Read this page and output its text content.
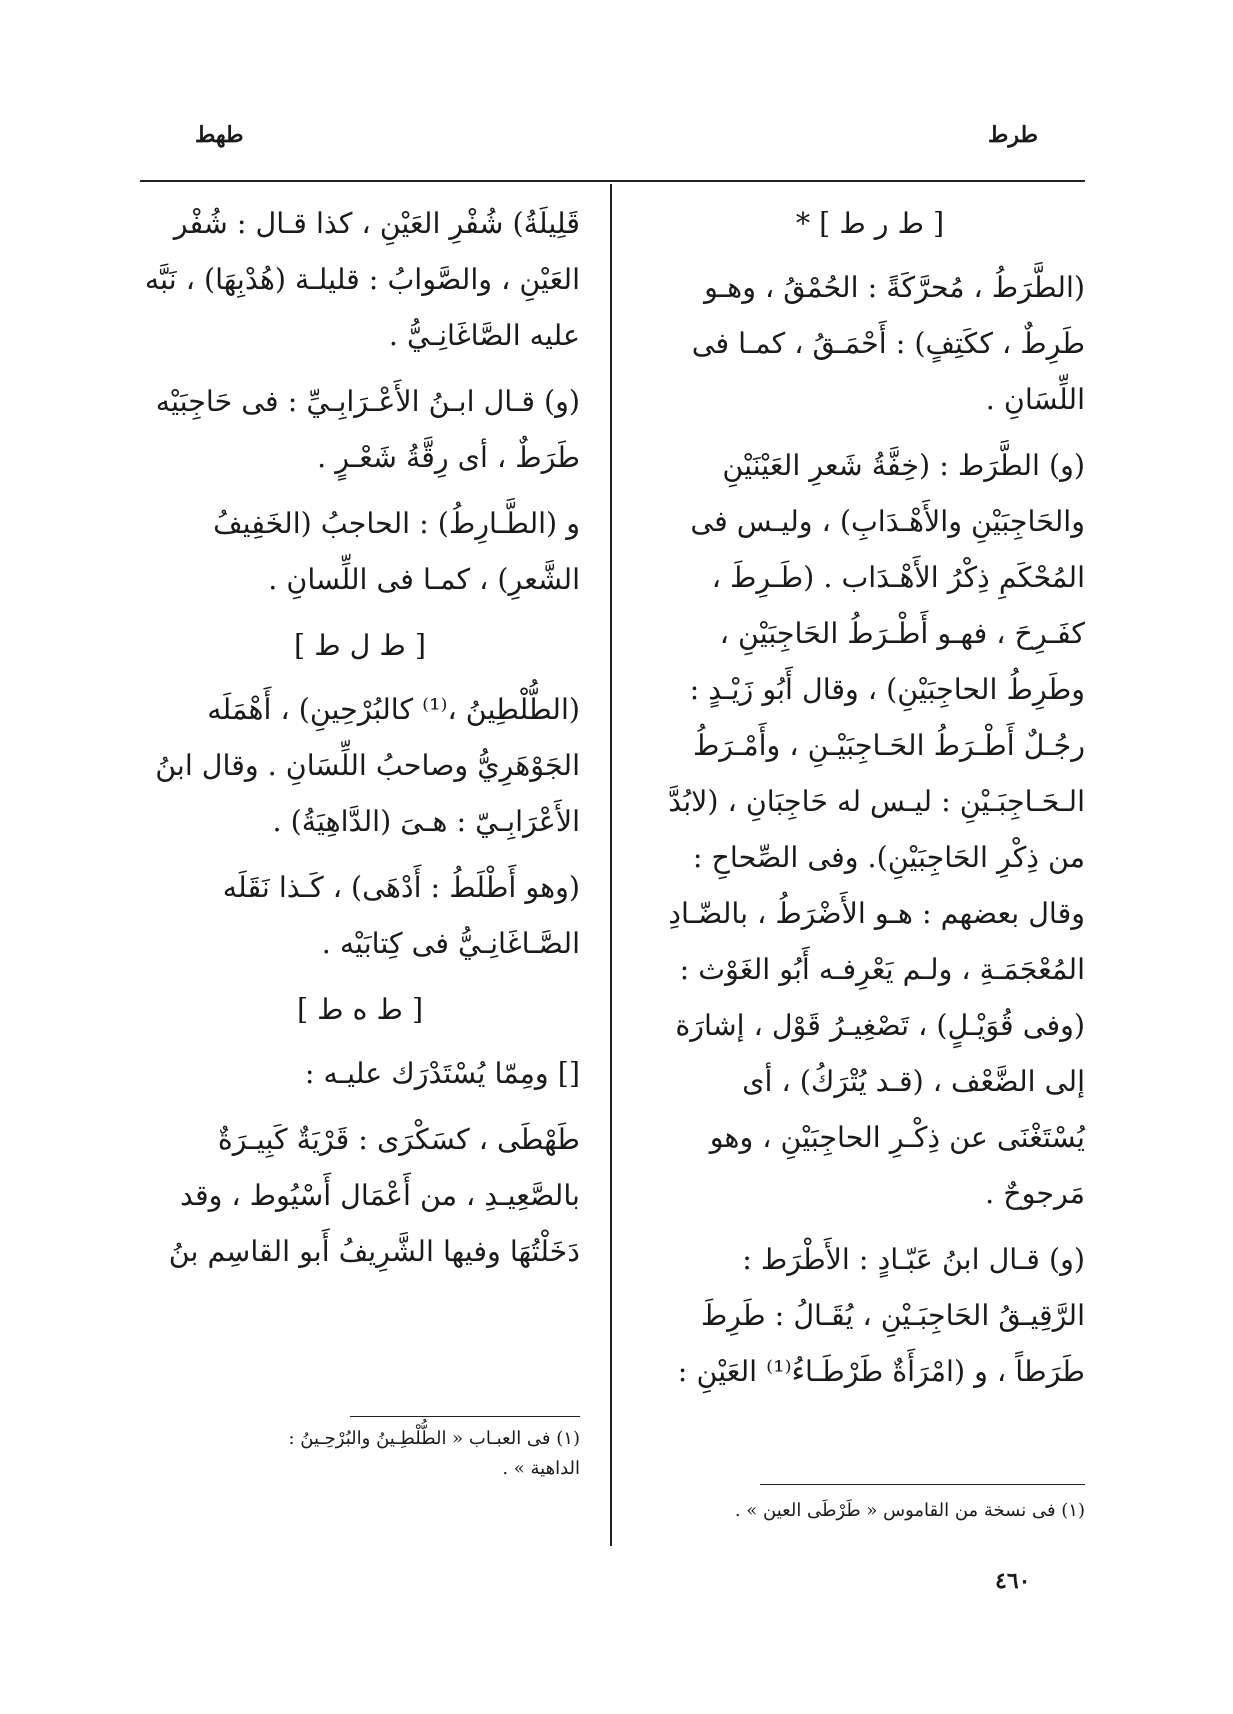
طرط
طهط
[ ط ر ط ] *

(الطَّرَطُ ، مُحرَّكَةً : الحُمْقُ ، وهـو طَرِطٌ ، ككَتِفٍ) : أَحْمَـقُ ، كمـا فى اللِّسَانِ .

(و) الطَّرَط : (خِفَّةُ شَعرِ العَيْنَيْنِ والحَاجِبَيْنِ والأَهْـدَابِ) ، وليـس فى المُحْكَمِ ذِكْرُ الأَهْـدَاب . (طَـرِطَ ، كفَـرِحَ ، فهـو أَطْـرَطُ الحَاجِبَيْنِ ، وطَرِطُ الحاجِبَيْنِ) ، وقال أَبُو زَيْـدٍ : رجُـلٌ أَطْـرَطُ الحَـاجِبَيْـنِ ، وأَمْـرَطُ الـحَـاجِبَـيْنِ : ليـس له حَاجِبَانِ ، (لابُدَّ من ذِكْرِ الحَاجِبَيْنِ). وفى الصِّحاحِ : وقال بعضهم : هـو الأَضْرَطُ ، بالضّـادِ المُعْجَمَـةِ ، ولـم يَعْرِفـه أَبُو الغَوْث : (وفى قُوَيْـلٍ) ، تَصْغِيـرُ قَوْل ، إشارَة إلى الضَّعْف ، (قـد يُتْرَكُ) ، أى يُسْتَغْنَى عن ذِكْـرِ الحاجِبَيْنِ ، وهو مَرجوحٌ .

(و) قـال ابنُ عَبّـادٍ : الأَطْرَط : الرَّقِيـقُ الحَاجِبَـيْنِ ، يُقَـالُ : طَرِطَ طَرَطاً ، و (امْرَأَةٌ طَرْطَـاءُ⁽¹⁾ العَيْنِ :

قَلِيلَةُ) شُفْرِ العَيْنِ ، كذا قـال : شُفْر العَيْنِ ، والصَّوابُ : قليلـة (هُدْبِهَا) ، نَبَّه عليه الصَّاغَانِـيُّ .

(و) قـال ابـنُ الأَعْـرَابِـيِّ : فى حَاجِبَيْه طَرَطٌ ، أى رِقَّةُ شَعْـرٍ .

و (الطَّـارِطُ) : الحاجبُ (الخَفِيفُ الشَّعرِ) ، كمـا فى اللِّسانِ .

[ ط ل ط ]

(الطُّلْطِينُ ،⁽¹⁾ كالبُرْحِينِ) ، أَهْمَلَه الجَوْهَرِيُّ وصاحبُ اللِّسَانِ . وقال ابنُ الأَعْرَابِـيّ : هـىَ (الدَّاهِيَةُ) .

(وهو أَطْلَطُ : أَدْهَى) ، كَـذا نَقَلَه الصَّـاغَانِـيُّ فى كِتابَيْه .

[ ط ه ط ]

[] ومِمّا يُسْتَدْرَك عليـه :

طَهْطَى ، كسَكْرَى : قَرْيَةٌ كَبِيـرَةٌ بالصَّعِيـدِ ، من أَعْمَال أَسْيُوط ، وقد دَخَلْتُهَا وفيها الشَّرِيفُ أَبو القاسِم بنُ

(١) فى نسخة من القاموس « طَرْطَى العين » .
(١) فى العبـاب « الطُّلْطِـينُ والبُرْحِـينُ : الداهية » .
٤٦٠
